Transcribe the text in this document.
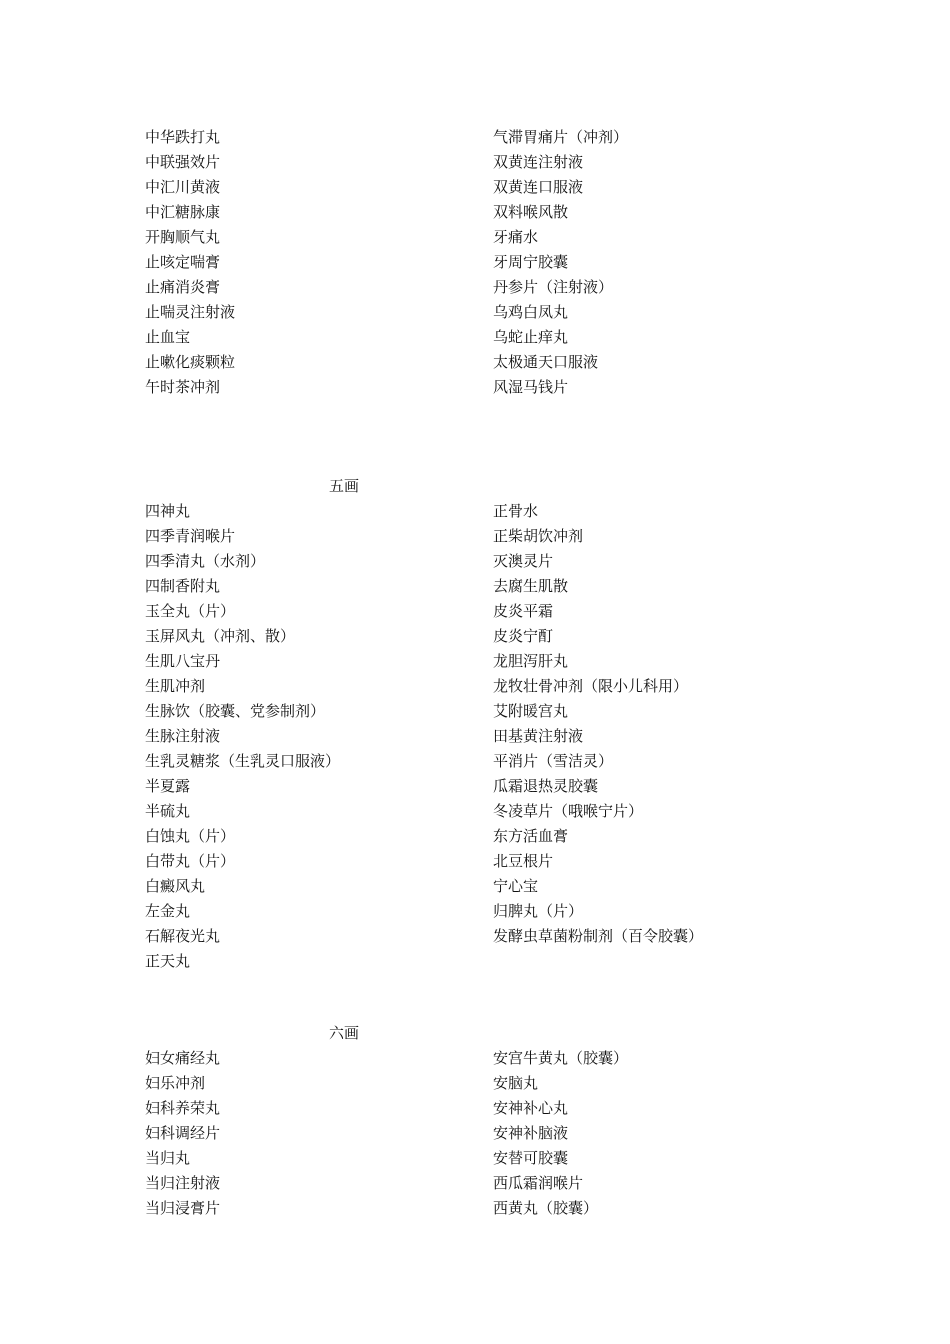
中华跌打丸
中联强效片
中汇川黄液
中汇糖脉康
开胸顺气丸
止咳定喘膏
止痛消炎膏
止喘灵注射液
止血宝
止嗽化痰颗粒
午时茶冲剂
气滞胃痛片（冲剂）
双黄连注射液
双黄连口服液
双料喉风散
牙痛水
牙周宁胶囊
丹参片（注射液）
乌鸡白凤丸
乌蛇止痒丸
太极通天口服液
风湿马钱片
五画
四神丸
四季青润喉片
四季清丸（水剂）
四制香附丸
玉全丸（片）
玉屏风丸（冲剂、散）
生肌八宝丹
生肌冲剂
生脉饮（胶囊、党参制剂）
生脉注射液
生乳灵糖浆（生乳灵口服液）
半夏露
半硫丸
白蚀丸（片）
白带丸（片）
白癜风丸
左金丸
石解夜光丸
正天丸
正骨水
正柴胡饮冲剂
灭澳灵片
去腐生肌散
皮炎平霜
皮炎宁酊
龙胆泻肝丸
龙牧壮骨冲剂（限小儿科用）
艾附暖宫丸
田基黄注射液
平消片（雪洁灵）
瓜霜退热灵胶囊
冬凌草片（哦喉宁片）
东方活血膏
北豆根片
宁心宝
归脾丸（片）
发酵虫草菌粉制剂（百令胶囊）
六画
妇女痛经丸
妇乐冲剂
妇科养荣丸
妇科调经片
当归丸
当归注射液
当归浸膏片
安宫牛黄丸（胶囊）
安脑丸
安神补心丸
安神补脑液
安替可胶囊
西瓜霜润喉片
西黄丸（胶囊）
